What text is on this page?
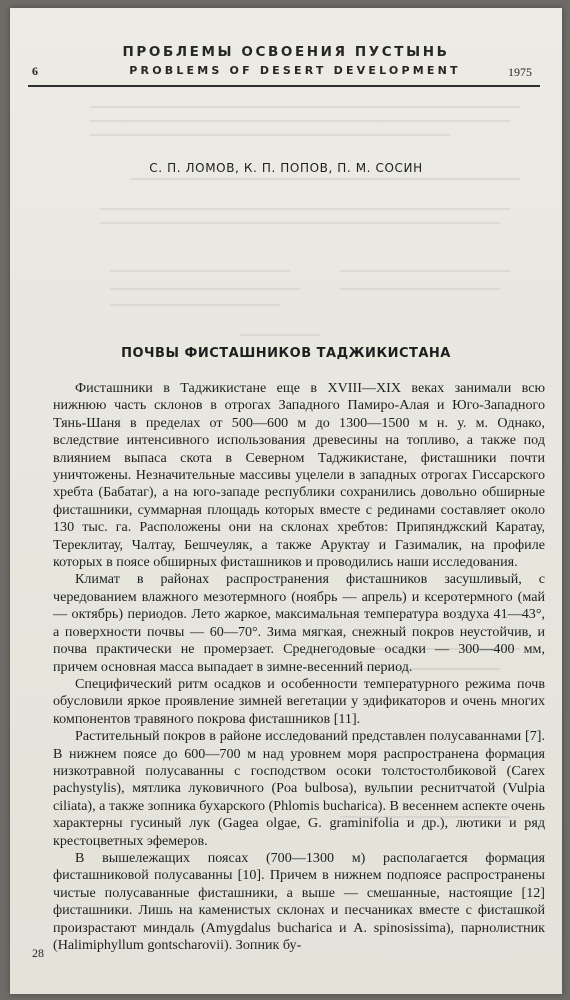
ПРОБЛЕМЫ ОСВОЕНИЯ ПУСТЫНЬ
6	PROBLEMS OF DESERT DEVELOPMENT	1975
С. П. ЛОМОВ, К. П. ПОПОВ, П. М. СОСИН
ПОЧВЫ ФИСТАШНИКОВ ТАДЖИКИСТАНА

Фисташники в Таджикистане еще в XVIII—XIX веках занимали всю нижнюю часть склонов в отрогах Западного Памиро-Алая и Юго-Западного Тянь-Шаня в пределах от 500—600 м до 1300—1500 м н. у. м. Однако, вследствие интенсивного использования древесины на топливо, а также под влиянием выпаса скота в Северном Таджикистане, фисташники почти уничтожены. Незначительные массивы уцелели в западных отрогах Гиссарского хребта (Бабатаг), а на юго-западе республики сохранились довольно обширные фисташники, суммарная площадь которых вместе с рединами составляет около 130 тыс. га. Расположены они на склонах хребтов: Припянджский Каратау, Тереклитау, Чалтау, Бешчеуляк, а также Аруктау и Газималик, на профиле которых в поясе обширных фисташников и проводились наши исследования.

Климат в районах распространения фисташников засушливый, с чередованием влажного мезотермного (ноябрь — апрель) и ксеротермного (май — октябрь) периодов. Лето жаркое, максимальная температура воздуха 41—43°, а поверхности почвы — 60—70°. Зима мягкая, снежный покров неустойчив, и почва практически не промерзает. Среднегодовые осадки — 300—400 мм, причем основная масса выпадает в зимне-весенний период.

Специфический ритм осадков и особенности температурного режима почв обусловили яркое проявление зимней вегетации у эдификаторов и очень многих компонентов травяного покрова фисташников [11].

Растительный покров в районе исследований представлен полусаваннами [7]. В нижнем поясе до 600—700 м над уровнем моря распространена формация низкотравной полусаванны с господством осоки толстостолбиковой (Carex pachystylis), мятлика луковичного (Poa bulbosa), вульпии реснитчатой (Vulpia ciliata), а также зопника бухарского (Phlomis bucharica). В весеннем аспекте очень характерны гусиный лук (Gagea olgae, G. graminifolia и др.), лютики и ряд крестоцветных эфемеров.

В вышележащих поясах (700—1300 м) располагается формация фисташниковой полусаванны [10]. Причем в нижнем подпоясе распространены чистые полусаванные фисташники, а выше — смешанные, настоящие [12] фисташники. Лишь на каменистых склонах и песчаниках вместе с фисташкой произрастают миндаль (Amygdalus bucharica и A. spinosissima), парнолистник (Halimiphyllum gontscharovii). Зопник бу-

28
